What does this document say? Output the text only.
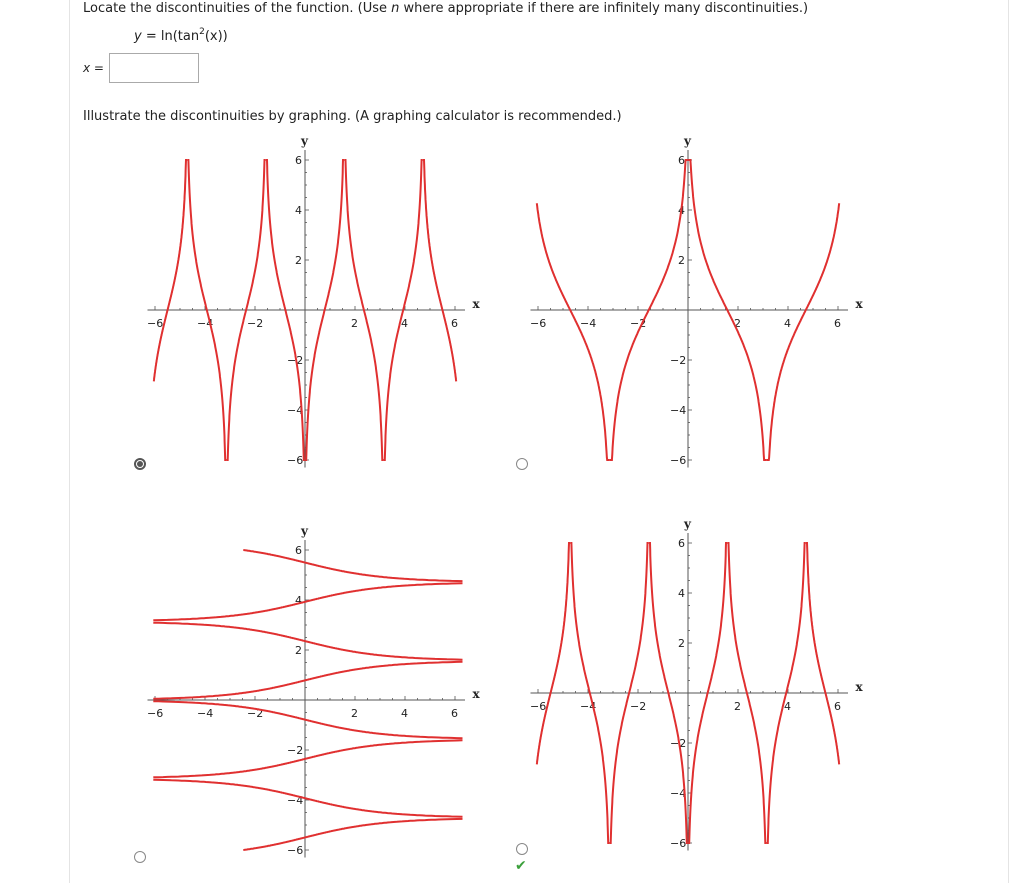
Locate the discontinuities of the function. (Use n where appropriate if there are infinitely many discontinuities.)
$y = \ln(\tan^2(x))$
x =
Illustrate the discontinuities by graphing. (A graphing calculator is recommended.)
x
y
−6	−4	−2	2	4	6
−6
−4
−2
2
4
6
x
y
−6	−4	−2	2	4	6
−6
−4
−2
2
4
6
x
y
−6	−4	−2	2	4	6
−6
−4
−2
2
4
6
x
y
−6	−4	−2	2	4	6
−6
−4
−2
2
4
6
✔
